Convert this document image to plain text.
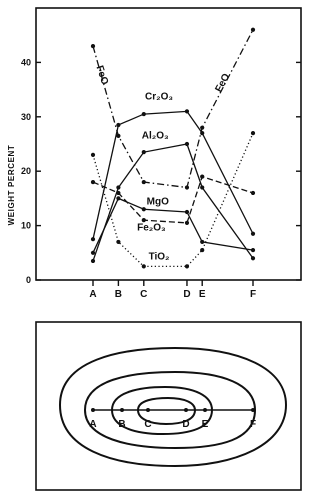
WEIGHT PERCENT
0
10
20
30
40
A B C	D E	F
FeO
Cr₂O₃
Al₂O₃
MgO
Fe₂O₃
TiO₂
FeO
A B C	D E	F
